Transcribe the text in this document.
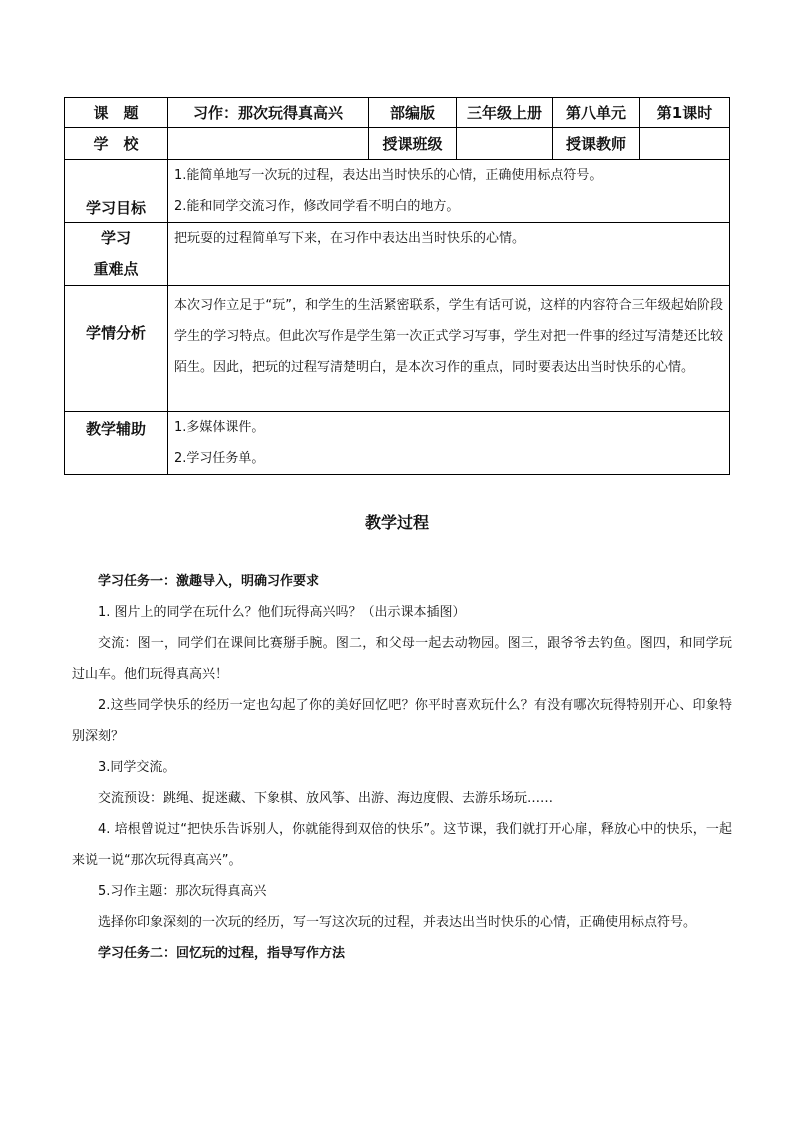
课　题	习作：那次玩得真高兴	部编版	三年级上册	第八单元	第1课时
学　校		授课班级		授课教师	
学习目标	1.能简单地写一次玩的过程，表达出当时快乐的心情，正确使用标点符号。
2.能和同学交流习作，修改同学看不明白的地方。				

学习
重难点	把玩耍的过程简单写下来，在习作中表达出当时快乐的心情。				

学情分析	本次习作立足于“玩”，和学生的生活紧密联系，学生有话可说，这样的内容符合三年级起始阶段学生的学习特点。但此次写作是学生第一次正式学习写事，学生对把一件事的经过写清楚还比较陌生。因此，把玩的过程写清楚明白，是本次习作的重点，同时要表达出当时快乐的心情。				

教学辅助	1.多媒体课件。
2.学习任务单。				
教学过程

学习任务一：激趣导入，明确习作要求

1. 图片上的同学在玩什么？他们玩得高兴吗？（出示课本插图）

交流：图一，同学们在课间比赛掰手腕。图二，和父母一起去动物园。图三，跟爷爷去钓鱼。图四，和同学玩过山车。他们玩得真高兴！

2.这些同学快乐的经历一定也勾起了你的美好回忆吧？你平时喜欢玩什么？有没有哪次玩得特别开心、印象特别深刻？

3.同学交流。

交流预设：跳绳、捉迷藏、下象棋、放风筝、出游、海边度假、去游乐场玩……

4. 培根曾说过“把快乐告诉别人，你就能得到双倍的快乐”。这节课，我们就打开心扉，释放心中的快乐，一起来说一说“那次玩得真高兴”。

5.习作主题：那次玩得真高兴

选择你印象深刻的一次玩的经历，写一写这次玩的过程，并表达出当时快乐的心情，正确使用标点符号。

学习任务二：回忆玩的过程，指导写作方法
